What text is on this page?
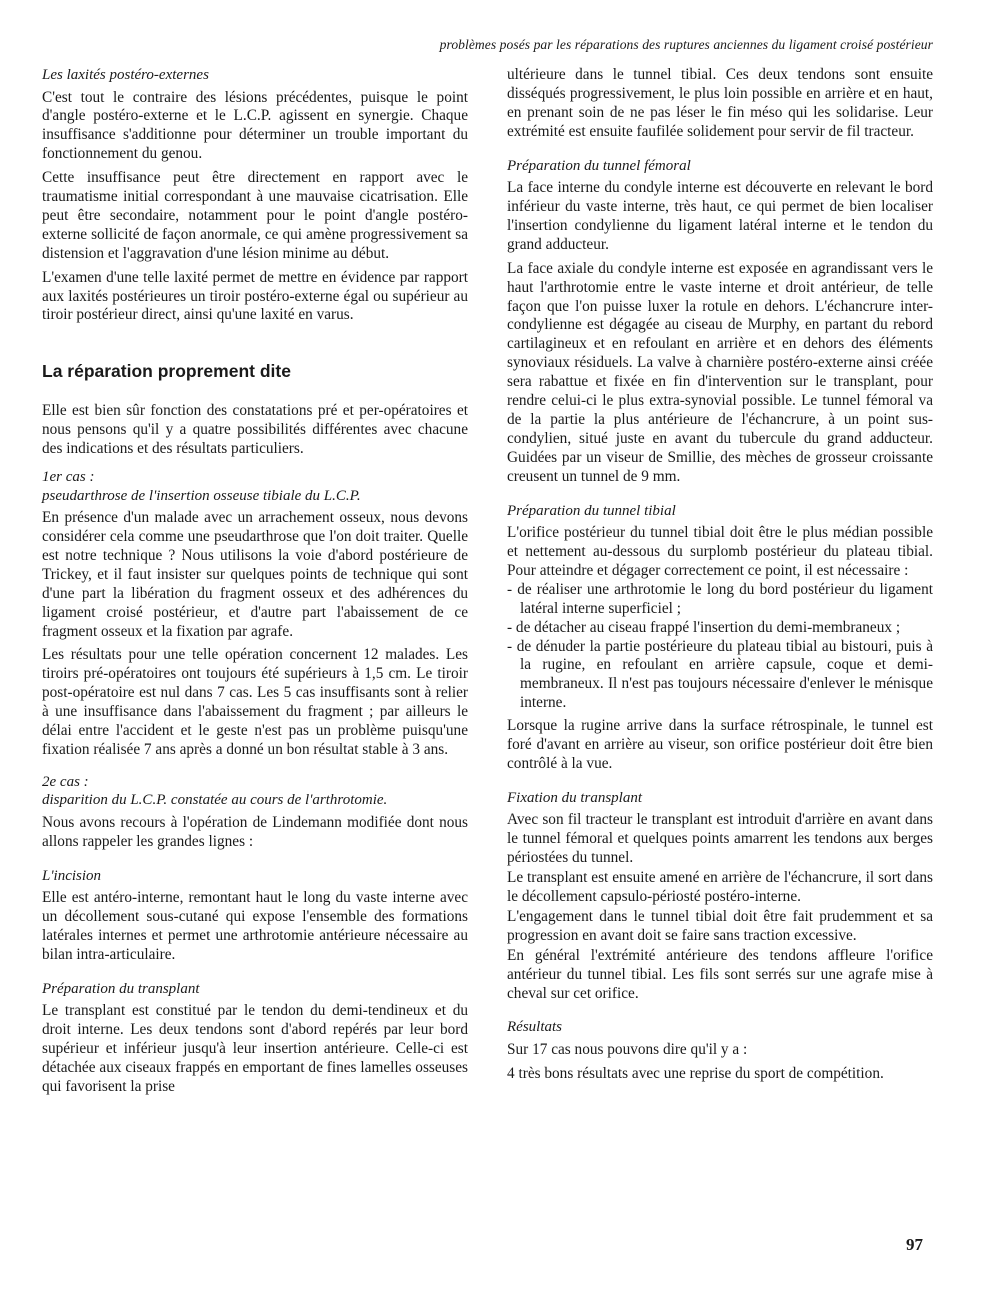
problèmes posés par les réparations des ruptures anciennes du ligament croisé postérieur
Les laxités postéro-externes

C'est tout le contraire des lésions précédentes, puisque le point d'angle postéro-externe et le L.C.P. agissent en synergie. Chaque insuffisance s'additionne pour déterminer un trouble important du fonctionnement du genou.

Cette insuffisance peut être directement en rapport avec le traumatisme initial correspondant à une mauvaise cicatrisation. Elle peut être secondaire, notamment pour le point d'angle postéro-externe sollicité de façon anormale, ce qui amène progressivement sa distension et l'aggravation d'une lésion minime au début.

L'examen d'une telle laxité permet de mettre en évidence par rapport aux laxités postérieures un tiroir postéro-externe égal ou supérieur au tiroir postérieur direct, ainsi qu'une laxité en varus.

La réparation proprement dite

Elle est bien sûr fonction des constatations pré et per-opératoires et nous pensons qu'il y a quatre possibilités différentes avec chacune des indications et des résultats particuliers.

1er cas :
pseudarthrose de l'insertion osseuse tibiale du L.C.P.

En présence d'un malade avec un arrachement osseux, nous devons considérer cela comme une pseudarthrose que l'on doit traiter. Quelle est notre technique ? Nous utilisons la voie d'abord postérieure de Trickey, et il faut insister sur quelques points de technique qui sont d'une part la libération du fragment osseux et des adhérences du ligament croisé postérieur, et d'autre part l'abaissement de ce fragment osseux et la fixation par agrafe.

Les résultats pour une telle opération concernent 12 malades. Les tiroirs pré-opératoires ont toujours été supérieurs à 1,5 cm. Le tiroir post-opératoire est nul dans 7 cas. Les 5 cas insuffisants sont à relier à une insuffisance dans l'abaissement du fragment ; par ailleurs le délai entre l'accident et le geste n'est pas un problème puisqu'une fixation réalisée 7 ans après a donné un bon résultat stable à 3 ans.

2e cas :
disparition du L.C.P. constatée au cours de l'arthrotomie.

Nous avons recours à l'opération de Lindemann modifiée dont nous allons rappeler les grandes lignes :

L'incision

Elle est antéro-interne, remontant haut le long du vaste interne avec un décollement sous-cutané qui expose l'ensemble des formations latérales internes et permet une arthrotomie antérieure nécessaire au bilan intra-articulaire.

Préparation du transplant

Le transplant est constitué par le tendon du demi-tendineux et du droit interne. Les deux tendons sont d'abord repérés par leur bord supérieur et inférieur jusqu'à leur insertion antérieure. Celle-ci est détachée aux ciseaux frappés en emportant de fines lamelles osseuses qui favorisent la prise

ultérieure dans le tunnel tibial. Ces deux tendons sont ensuite disséqués progressivement, le plus loin possible en arrière et en haut, en prenant soin de ne pas léser le fin méso qui les solidarise. Leur extrémité est ensuite faufilée solidement pour servir de fil tracteur.

Préparation du tunnel fémoral

La face interne du condyle interne est découverte en relevant le bord inférieur du vaste interne, très haut, ce qui permet de bien localiser l'insertion condylienne du ligament latéral interne et le tendon du grand adducteur.

La face axiale du condyle interne est exposée en agrandissant vers le haut l'arthrotomie entre le vaste interne et droit antérieur, de telle façon que l'on puisse luxer la rotule en dehors. L'échancrure inter-condylienne est dégagée au ciseau de Murphy, en partant du rebord cartilagineux et en refoulant en arrière et en dehors des éléments synoviaux résiduels. La valve à charnière postéro-externe ainsi créée sera rabattue et fixée en fin d'intervention sur le transplant, pour rendre celui-ci le plus extra-synovial possible. Le tunnel fémoral va de la partie la plus antérieure de l'échancrure, à un point sus-condylien, situé juste en avant du tubercule du grand adducteur. Guidées par un viseur de Smillie, des mèches de grosseur croissante creusent un tunnel de 9 mm.

Préparation du tunnel tibial

L'orifice postérieur du tunnel tibial doit être le plus médian possible et nettement au-dessous du surplomb postérieur du plateau tibial. Pour atteindre et dégager correctement ce point, il est nécessaire :

- de réaliser une arthrotomie le long du bord postérieur du ligament latéral interne superficiel ;
- de détacher au ciseau frappé l'insertion du demi-membraneux ;
- de dénuder la partie postérieure du plateau tibial au bistouri, puis à la rugine, en refoulant en arrière capsule, coque et demi-membraneux. Il n'est pas toujours nécessaire d'enlever le ménisque interne.

Lorsque la rugine arrive dans la surface rétrospinale, le tunnel est foré d'avant en arrière au viseur, son orifice postérieur doit être bien contrôlé à la vue.

Fixation du transplant

Avec son fil tracteur le transplant est introduit d'arrière en avant dans le tunnel fémoral et quelques points amarrent les tendons aux berges périostées du tunnel.

Le transplant est ensuite amené en arrière de l'échancrure, il sort dans le décollement capsulo-périosté postéro-interne.

L'engagement dans le tunnel tibial doit être fait prudemment et sa progression en avant doit se faire sans traction excessive.

En général l'extrémité antérieure des tendons affleure l'orifice antérieur du tunnel tibial. Les fils sont serrés sur une agrafe mise à cheval sur cet orifice.

Résultats

Sur 17 cas nous pouvons dire qu'il y a :

4 très bons résultats avec une reprise du sport de compétition.
97
